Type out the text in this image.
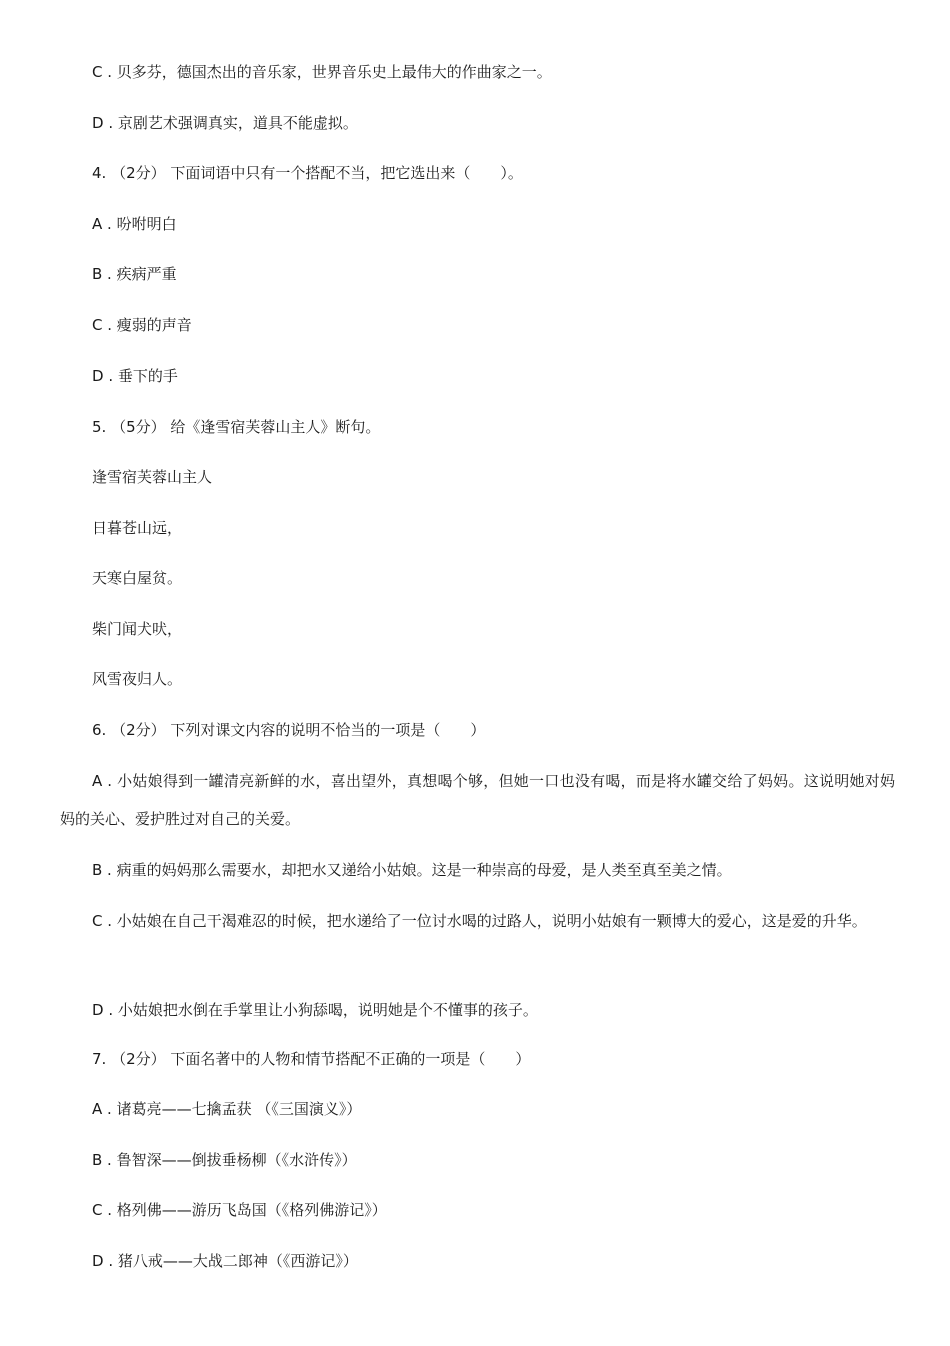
C . 贝多芬，德国杰出的音乐家，世界音乐史上最伟大的作曲家之一。
D . 京剧艺术强调真实，道具不能虚拟。
4. （2分） 下面词语中只有一个搭配不当，把它选出来（　　）。
A . 吩咐明白
B . 疾病严重
C . 瘦弱的声音
D . 垂下的手
5. （5分） 给《逢雪宿芙蓉山主人》断句。
逢雪宿芙蓉山主人
日暮苍山远，
天寒白屋贫。
柴门闻犬吠，
风雪夜归人。
6. （2分） 下列对课文内容的说明不恰当的一项是（　　）
A . 小姑娘得到一罐清亮新鲜的水，喜出望外，真想喝个够，但她一口也没有喝，而是将水罐交给了妈妈。这说明她对妈妈的关心、爱护胜过对自己的关爱。
B . 病重的妈妈那么需要水，却把水又递给小姑娘。这是一种崇高的母爱，是人类至真至美之情。
C . 小姑娘在自己干渴难忍的时候，把水递给了一位讨水喝的过路人，说明小姑娘有一颗博大的爱心，这是爱的升华。
D . 小姑娘把水倒在手掌里让小狗舔喝，说明她是个不懂事的孩子。
7. （2分） 下面名著中的人物和情节搭配不正确的一项是（　　）
A . 诸葛亮——七擒孟获 （《三国演义》）
B . 鲁智深——倒拔垂杨柳（《水浒传》）
C . 格列佛——游历飞岛国（《格列佛游记》）
D . 猪八戒——大战二郎神（《西游记》）
